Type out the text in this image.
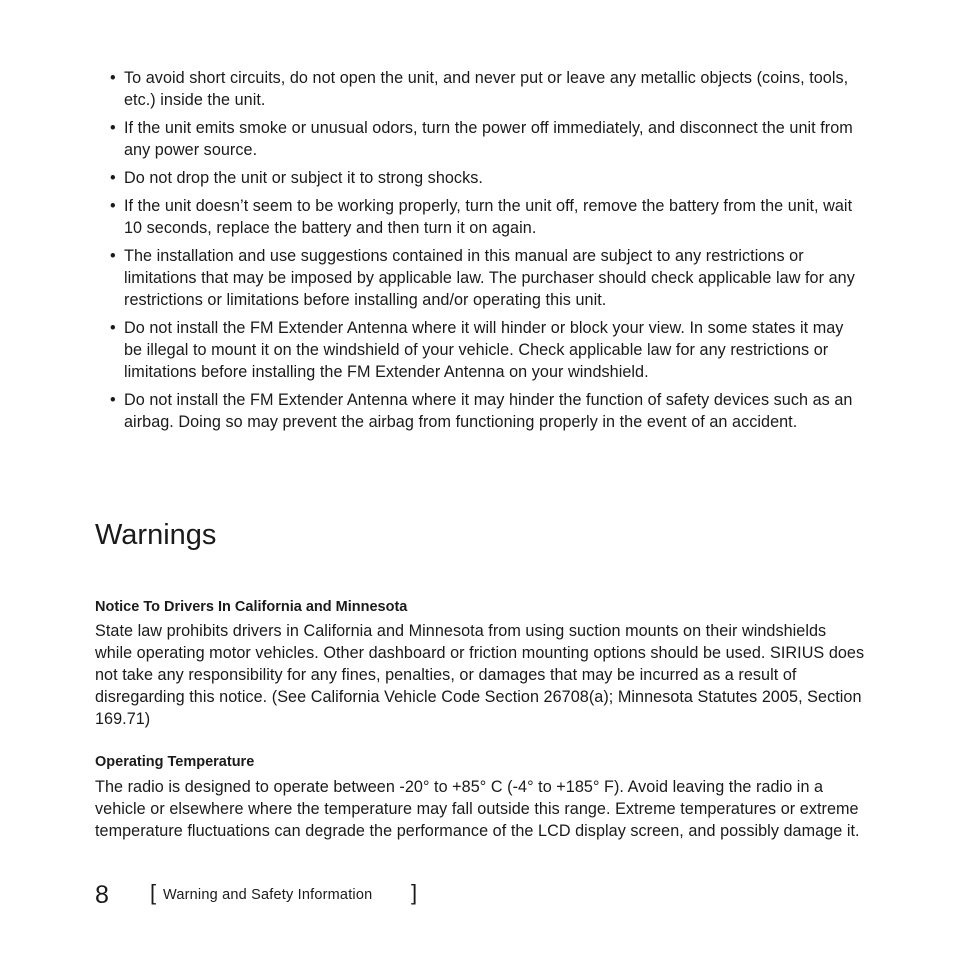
• To avoid short circuits, do not open the unit, and never put or leave any metallic objects (coins, tools, etc.) inside the unit.
• If the unit emits smoke or unusual odors, turn the power off immediately, and disconnect the unit from any power source.
• Do not drop the unit or subject it to strong shocks.
• If the unit doesn’t seem to be working properly, turn the unit off, remove the battery from the unit, wait 10 seconds, replace the battery and then turn it on again.
• The installation and use suggestions contained in this manual are subject to any restrictions or limitations that may be imposed by applicable law. The purchaser should check applicable law for any restrictions or limitations before installing and/or operating this unit.
• Do not install the FM Extender Antenna where it will hinder or block your view. In some states it may be illegal to mount it on the windshield of your vehicle. Check applicable law for any restrictions or limitations before installing the FM Extender Antenna on your windshield.
• Do not install the FM Extender Antenna where it may hinder the function of safety devices such as an airbag. Doing so may prevent the airbag from functioning properly in the event of an accident.
Warnings
Notice To Drivers In California and Minnesota

State law prohibits drivers in California and Minnesota from using suction mounts on their windshields while operating motor vehicles. Other dashboard or friction mounting options should be used. SIRIUS does not take any responsibility for any fines, penalties, or damages that may be incurred as a result of disregarding this notice. (See California Vehicle Code Section 26708(a); Minnesota Statutes 2005, Section 169.71)

Operating Temperature

The radio is designed to operate between -20° to +85° C (-4° to +185° F). Avoid leaving the radio in a vehicle or elsewhere where the temperature may fall outside this range. Extreme temperatures or extreme temperature fluctuations can degrade the performance of the LCD display screen, and possibly damage it.

8 [ Warning and Safety Information ]
